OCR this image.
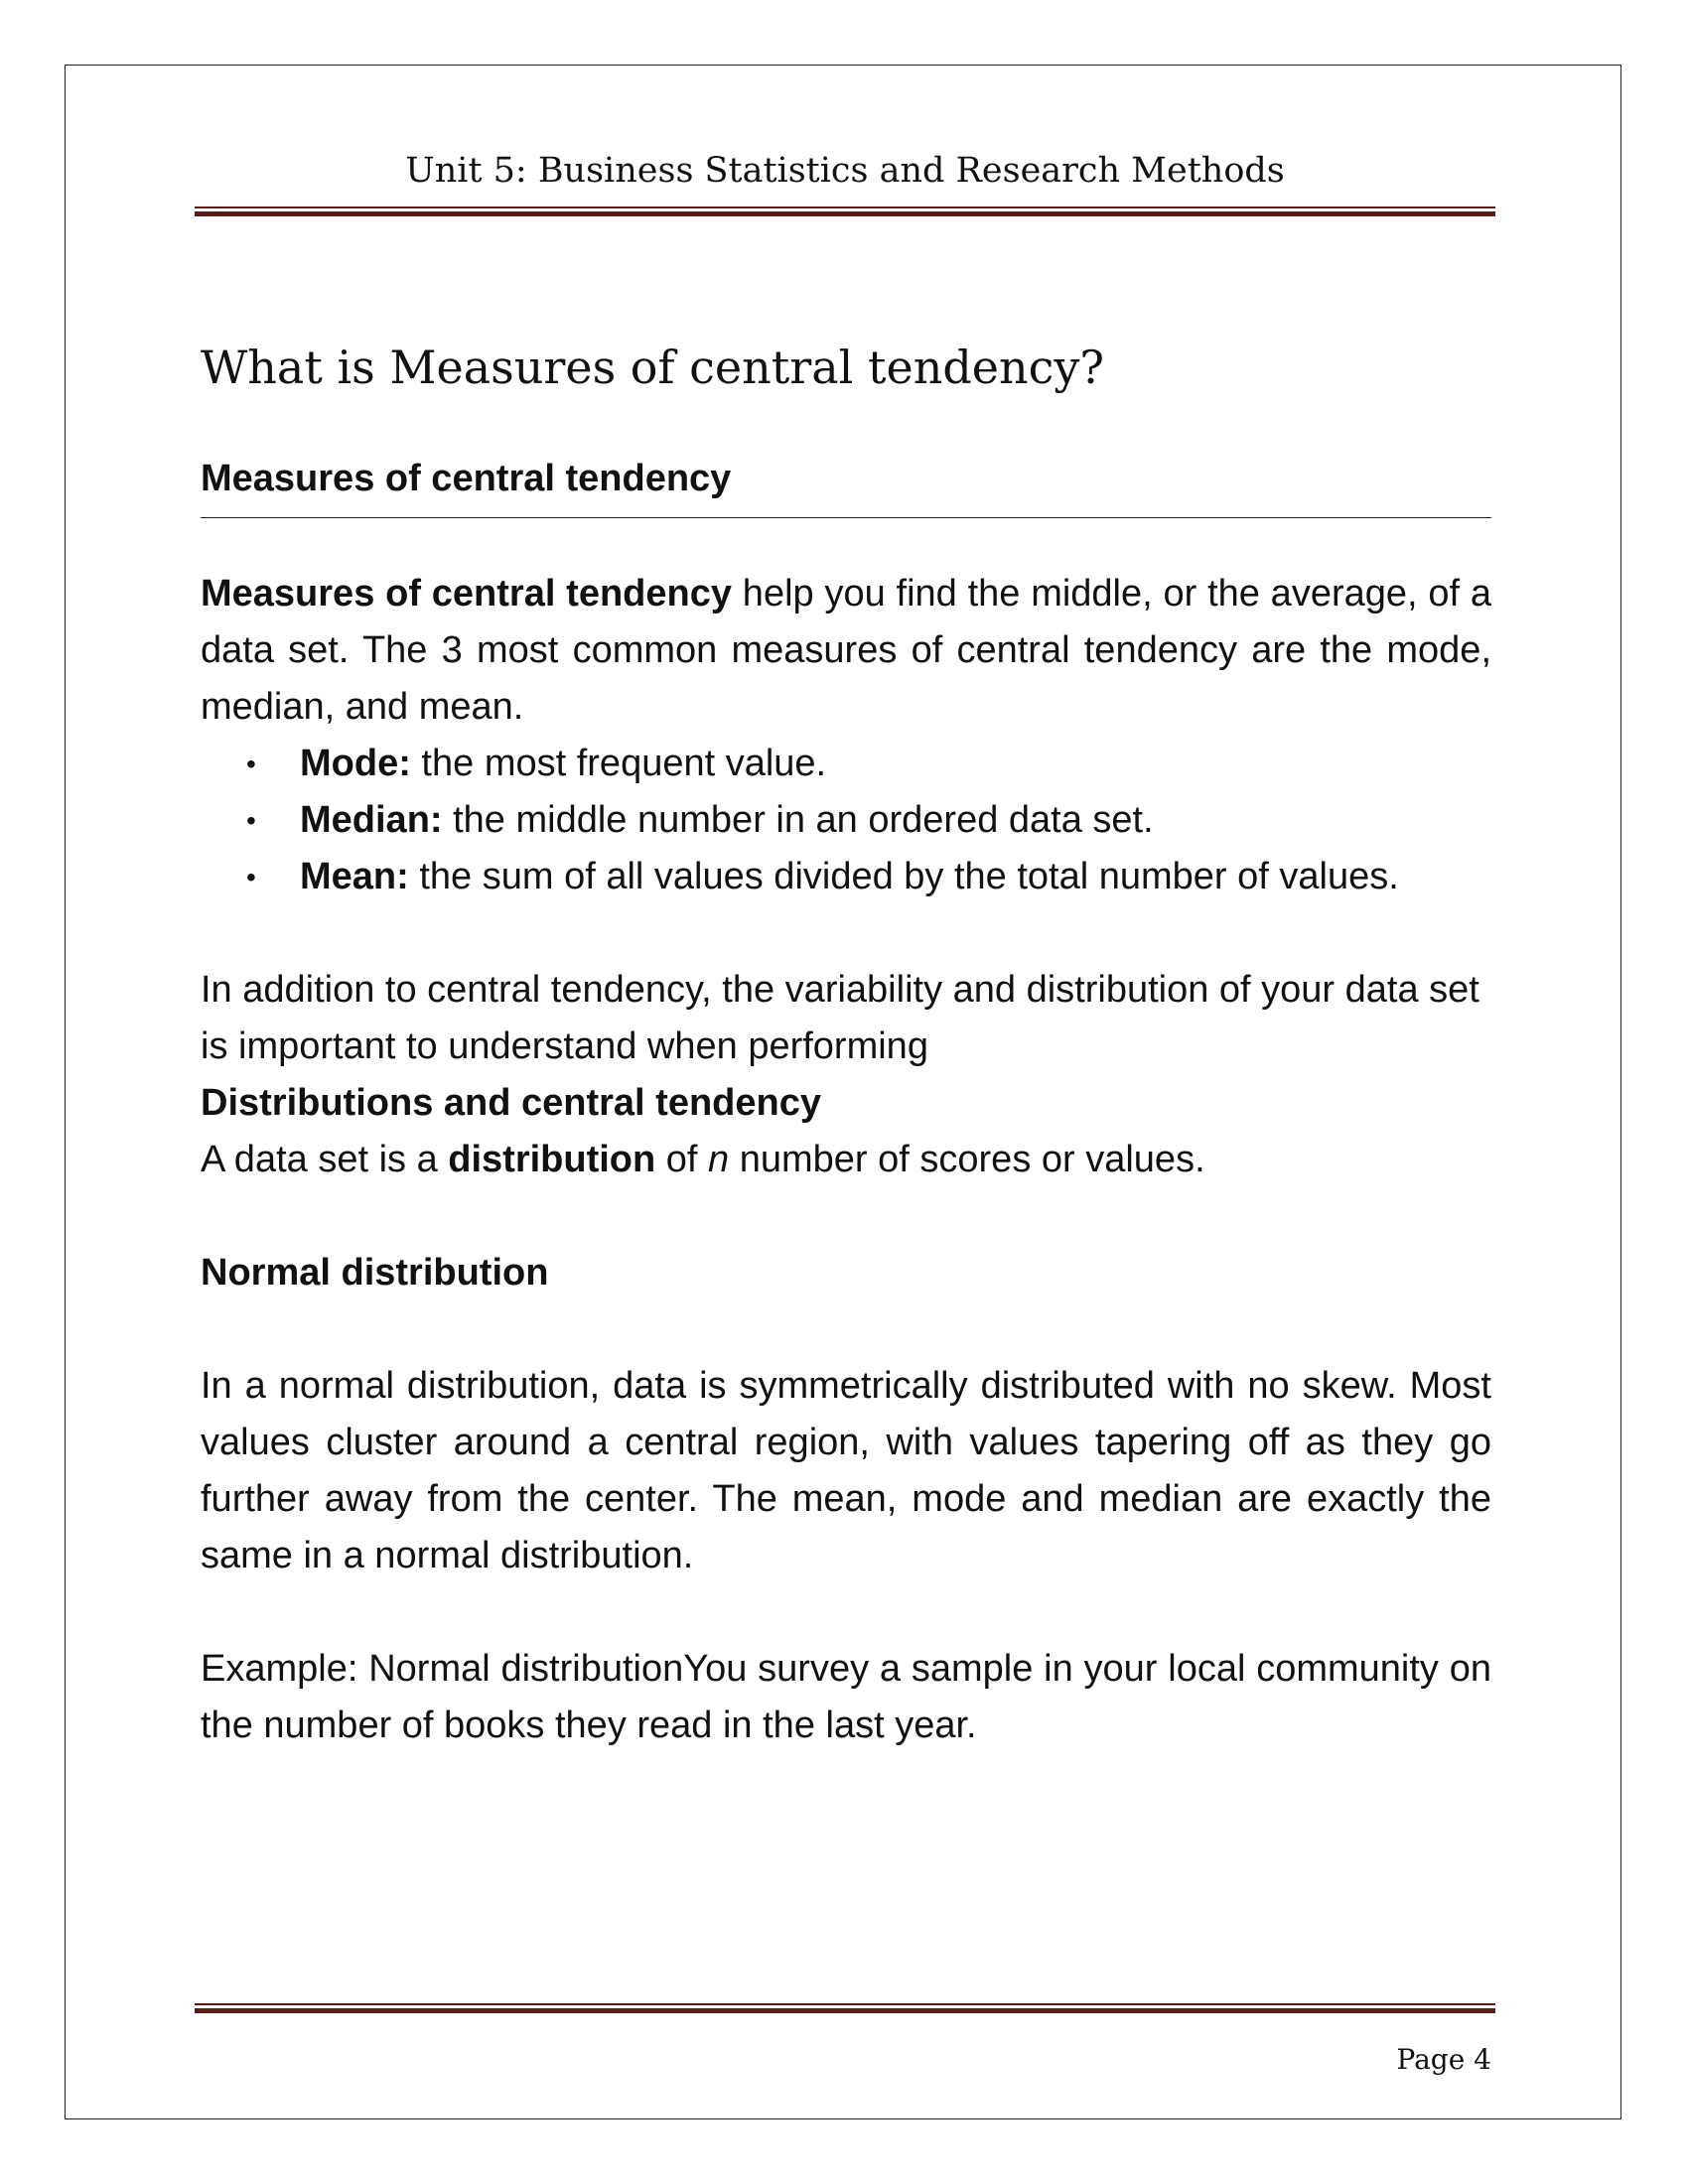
Unit 5: Business Statistics and Research Methods
What is Measures of central tendency?

Measures of central tendency

Measures of central tendency help you find the middle, or the average, of a data set. The 3 most common measures of central tendency are the mode, median, and mean.

• Mode: the most frequent value.
• Median: the middle number in an ordered data set.
• Mean: the sum of all values divided by the total number of values.

In addition to central tendency, the variability and distribution of your data set is important to understand when performing

Distributions and central tendency

A data set is a distribution of n number of scores or values.

Normal distribution

In a normal distribution, data is symmetrically distributed with no skew. Most values cluster around a central region, with values tapering off as they go further away from the center. The mean, mode and median are exactly the same in a normal distribution.

Example: Normal distributionYou survey a sample in your local community on the number of books they read in the last year.

Page 4
